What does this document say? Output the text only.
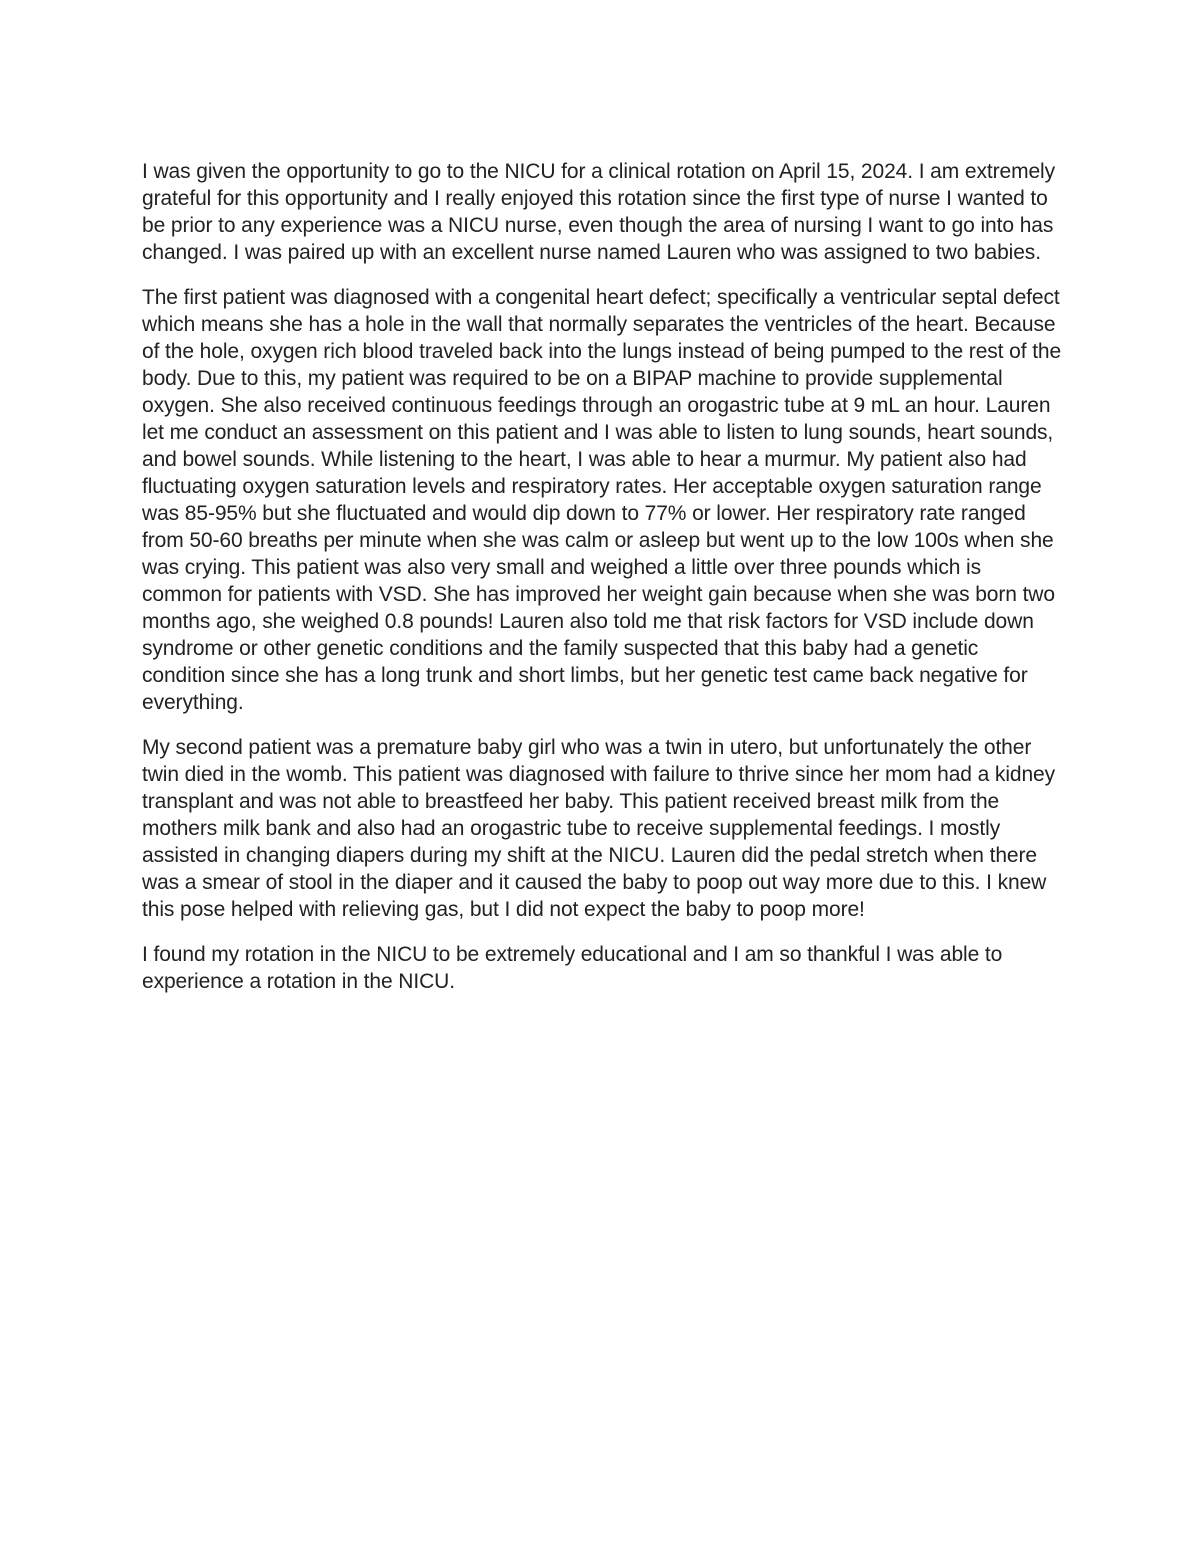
I was given the opportunity to go to the NICU for a clinical rotation on April 15, 2024. I am extremely grateful for this opportunity and I really enjoyed this rotation since the first type of nurse I wanted to be prior to any experience was a NICU nurse, even though the area of nursing I want to go into has changed. I was paired up with an excellent nurse named Lauren who was assigned to two babies.

The first patient was diagnosed with a congenital heart defect; specifically a ventricular septal defect which means she has a hole in the wall that normally separates the ventricles of the heart. Because of the hole, oxygen rich blood traveled back into the lungs instead of being pumped to the rest of the body. Due to this, my patient was required to be on a BIPAP machine to provide supplemental oxygen. She also received continuous feedings through an orogastric tube at 9 mL an hour. Lauren let me conduct an assessment on this patient and I was able to listen to lung sounds, heart sounds, and bowel sounds. While listening to the heart, I was able to hear a murmur. My patient also had fluctuating oxygen saturation levels and respiratory rates. Her acceptable oxygen saturation range was 85-95% but she fluctuated and would dip down to 77% or lower. Her respiratory rate ranged from 50-60 breaths per minute when she was calm or asleep but went up to the low 100s when she was crying. This patient was also very small and weighed a little over three pounds which is common for patients with VSD. She has improved her weight gain because when she was born two months ago, she weighed 0.8 pounds! Lauren also told me that risk factors for VSD include down syndrome or other genetic conditions and the family suspected that this baby had a genetic condition since she has a long trunk and short limbs, but her genetic test came back negative for everything.

My second patient was a premature baby girl who was a twin in utero, but unfortunately the other twin died in the womb. This patient was diagnosed with failure to thrive since her mom had a kidney transplant and was not able to breastfeed her baby. This patient received breast milk from the mothers milk bank and also had an orogastric tube to receive supplemental feedings. I mostly assisted in changing diapers during my shift at the NICU. Lauren did the pedal stretch when there was a smear of stool in the diaper and it caused the baby to poop out way more due to this. I knew this pose helped with relieving gas, but I did not expect the baby to poop more!

I found my rotation in the NICU to be extremely educational and I am so thankful I was able to experience a rotation in the NICU.
